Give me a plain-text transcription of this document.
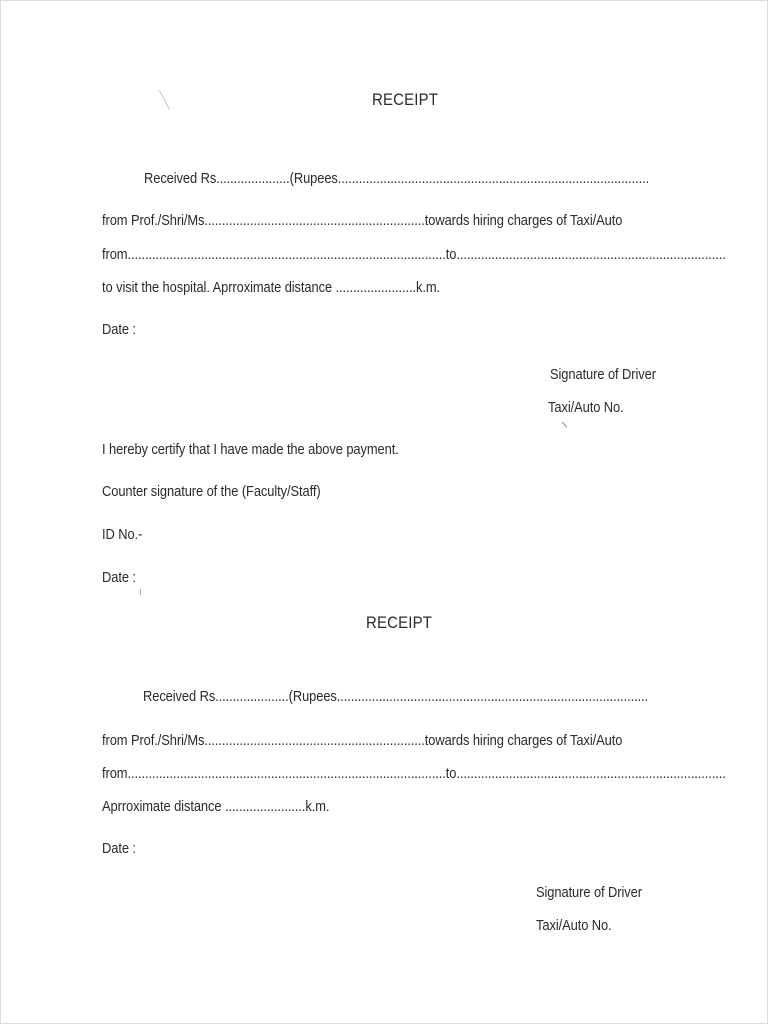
RECEIPT
Received Rs.....................(Rupees.........................................................................................
from Prof./Shri/Ms...............................................................towards hiring charges of Taxi/Auto
from...........................................................................................to.............................................................................
to visit the hospital. Aprroximate distance .......................k.m.
Date :
Signature of Driver
Taxi/Auto No.
I hereby certify that I have made the above payment.
Counter signature of the (Faculty/Staff)
ID No.-
Date :
RECEIPT
Received Rs.....................(Rupees.........................................................................................
from Prof./Shri/Ms...............................................................towards hiring charges of Taxi/Auto
from...........................................................................................to.............................................................................
Aprroximate distance .......................k.m.
Date :
Signature of Driver
Taxi/Auto No.
